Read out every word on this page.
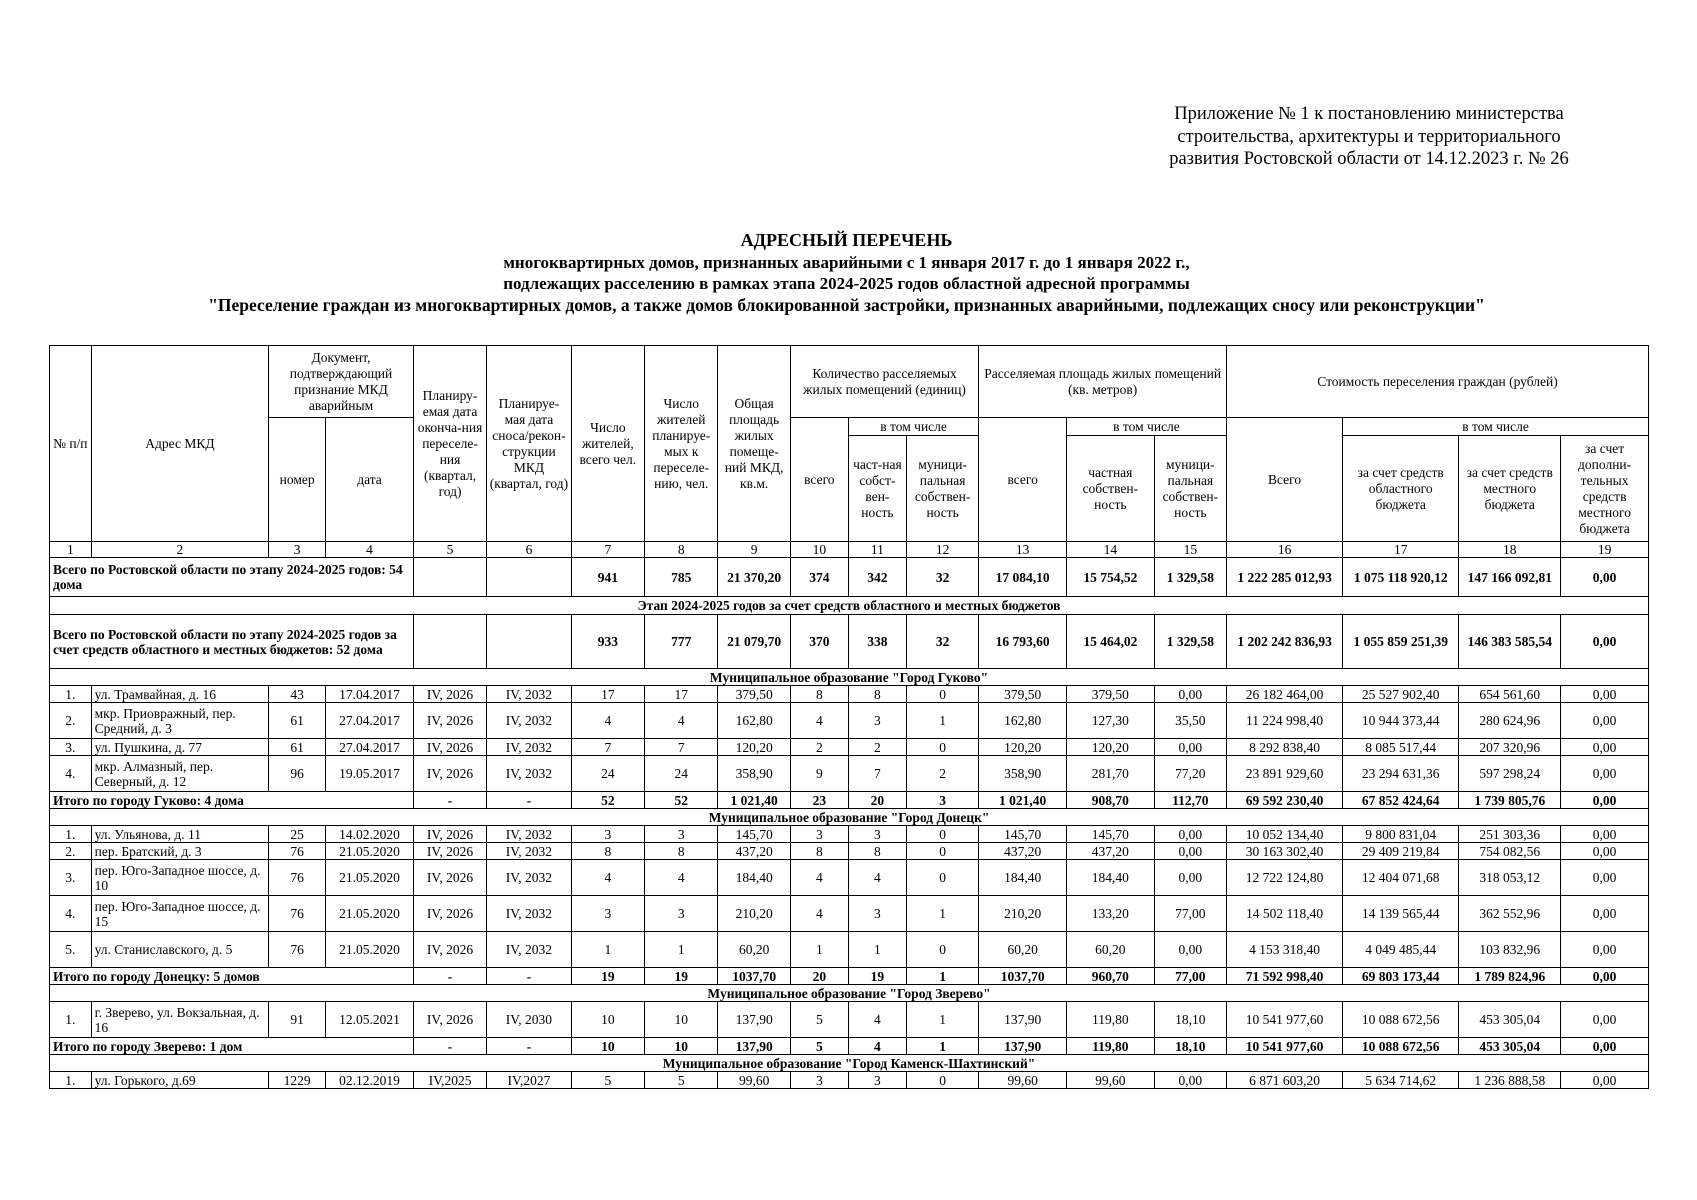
Приложение № 1 к постановлению министерства
строительства, архитектуры и территориального
развития Ростовской области от 14.12.2023 г. № 26
АДРЕСНЫЙ ПЕРЕЧЕНЬ
многоквартирных домов, признанных аварийными с 1 января 2017 г. до 1 января 2022 г.,
подлежащих расселению в рамках этапа 2024-2025 годов областной адресной программы
"Переселение граждан из многоквартирных домов, а также домов блокированной застройки, признанных аварийными, подлежащих сносу или реконструкции"
№ п/п	Адрес МКД	Документ, подтверждающий признание МКД аварийным		Планиру-емая дата оконча-ния переселе-ния (квартал, год)	Планируе-мая дата сноса/рекон-струкции МКД (квартал, год)	Число жителей, всего чел.	Число жителей планируе-мых к переселе-нию, чел.	Общая площадь жилых помеще-ний МКД, кв.м.	Количество расселяемых жилых помещений (единиц)			Расселяемая площадь жилых помещений (кв. метров)			Стоимость переселения граждан (рублей)			
		номер	дата						всего	в том числе		всего	в том числе		Всего	в том числе		
										част-ная собст-вен-ность	муници-пальная собствен-ность		частная собствен-ность	муници-пальная собствен-ность		за счет средств областного бюджета	за счет средств местного бюджета	за счет дополни-тельных средств местного бюджета
1	2	3	4	5	6	7	8	9	10	11	12	13	14	15	16	17	18	19
Всего по Ростовской области по этапу 2024-2025 годов: 54 дома						941	785	21 370,20	374	342	32	17 084,10	15 754,52	1 329,58	1 222 285 012,93	1 075 118 920,12	147 166 092,81	0,00
Этап 2024-2025 годов за счет средств областного и местных бюджетов																		
Всего по Ростовской области по этапу 2024-2025 годов за счет средств областного и местных бюджетов: 52 дома						933	777	21 079,70	370	338	32	16 793,60	15 464,02	1 329,58	1 202 242 836,93	1 055 859 251,39	146 383 585,54	0,00
Муниципальное образование "Город Гуково"																		
1.	ул. Трамвайная, д. 16	43	17.04.2017	IV, 2026	IV, 2032	17	17	379,50	8	8	0	379,50	379,50	0,00	26 182 464,00	25 527 902,40	654 561,60	0,00
2.	мкр. Приовражный, пер. Средний, д. 3	61	27.04.2017	IV, 2026	IV, 2032	4	4	162,80	4	3	1	162,80	127,30	35,50	11 224 998,40	10 944 373,44	280 624,96	0,00
3.	ул. Пушкина, д. 77	61	27.04.2017	IV, 2026	IV, 2032	7	7	120,20	2	2	0	120,20	120,20	0,00	8 292 838,40	8 085 517,44	207 320,96	0,00
4.	мкр. Алмазный, пер. Северный, д. 12	96	19.05.2017	IV, 2026	IV, 2032	24	24	358,90	9	7	2	358,90	281,70	77,20	23 891 929,60	23 294 631,36	597 298,24	0,00
Итого по городу Гуково: 4 дома				-	-	52	52	1 021,40	23	20	3	1 021,40	908,70	112,70	69 592 230,40	67 852 424,64	1 739 805,76	0,00
Муниципальное образование "Город Донецк"																		
1.	ул. Ульянова, д. 11	25	14.02.2020	IV, 2026	IV, 2032	3	3	145,70	3	3	0	145,70	145,70	0,00	10 052 134,40	9 800 831,04	251 303,36	0,00
2.	пер. Братский, д. 3	76	21.05.2020	IV, 2026	IV, 2032	8	8	437,20	8	8	0	437,20	437,20	0,00	30 163 302,40	29 409 219,84	754 082,56	0,00
3.	пер. Юго-Западное шоссе, д. 10	76	21.05.2020	IV, 2026	IV, 2032	4	4	184,40	4	4	0	184,40	184,40	0,00	12 722 124,80	12 404 071,68	318 053,12	0,00
4.	пер. Юго-Западное шоссе, д. 15	76	21.05.2020	IV, 2026	IV, 2032	3	3	210,20	4	3	1	210,20	133,20	77,00	14 502 118,40	14 139 565,44	362 552,96	0,00
5.	ул. Станиславского, д. 5	76	21.05.2020	IV, 2026	IV, 2032	1	1	60,20	1	1	0	60,20	60,20	0,00	4 153 318,40	4 049 485,44	103 832,96	0,00
Итого по городу Донецку: 5 домов				-	-	19	19	1037,70	20	19	1	1037,70	960,70	77,00	71 592 998,40	69 803 173,44	1 789 824,96	0,00
Муниципальное образование "Город Зверево"																		
1.	г. Зверево, ул. Вокзальная, д. 16	91	12.05.2021	IV, 2026	IV, 2030	10	10	137,90	5	4	1	137,90	119,80	18,10	10 541 977,60	10 088 672,56	453 305,04	0,00
Итого по городу Зверево: 1 дом				-	-	10	10	137,90	5	4	1	137,90	119,80	18,10	10 541 977,60	10 088 672,56	453 305,04	0,00
Муниципальное образование "Город Каменск-Шахтинский"																		
1.	ул. Горького, д.69	1229	02.12.2019	IV,2025	IV,2027	5	5	99,60	3	3	0	99,60	99,60	0,00	6 871 603,20	5 634 714,62	1 236 888,58	0,00
